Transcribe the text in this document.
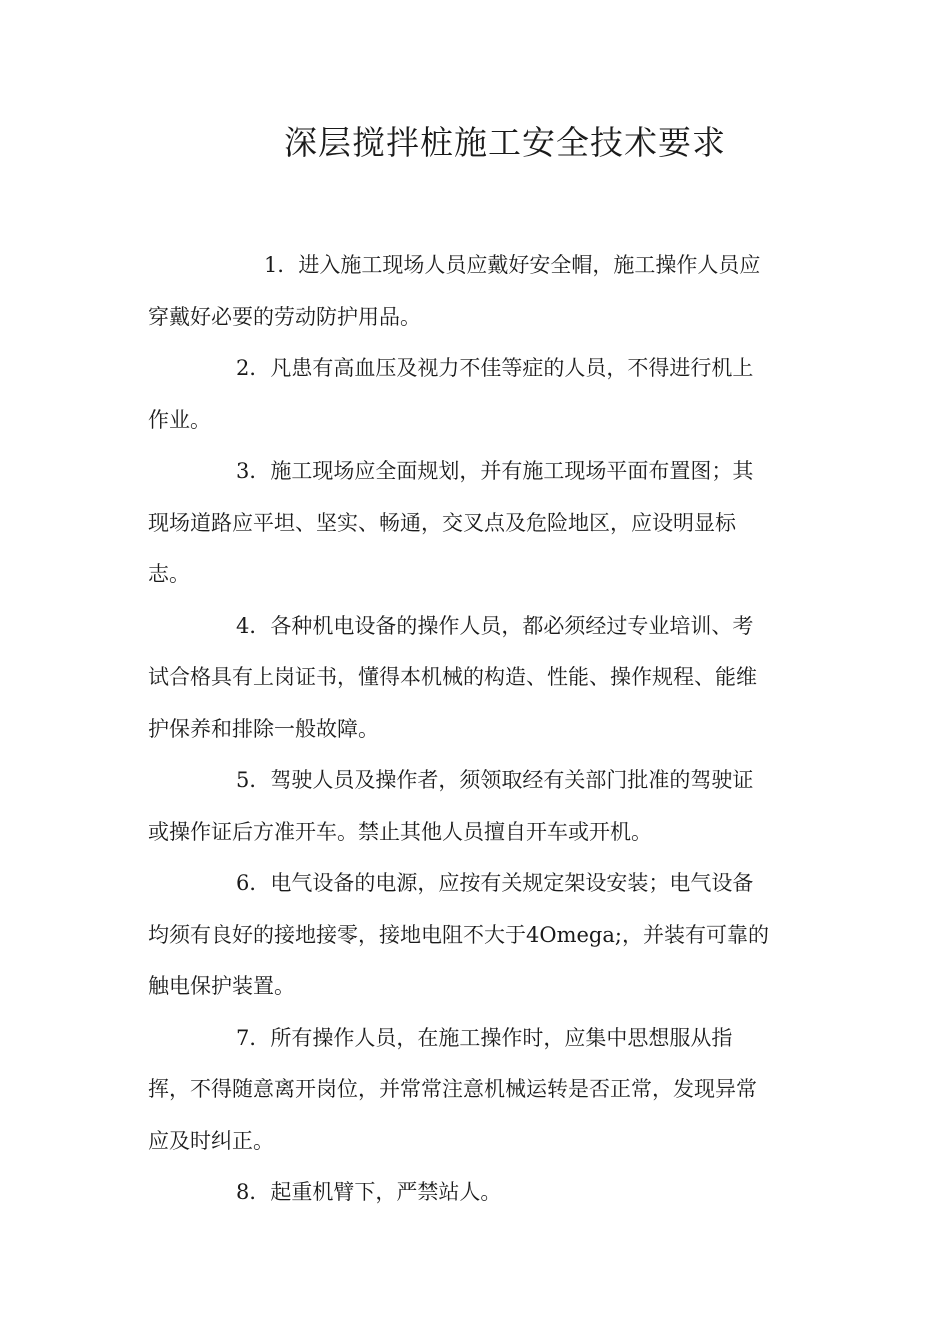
深层搅拌桩施工安全技术要求

1．进入施工现场人员应戴好安全帽，施工操作人员应
穿戴好必要的劳动防护用品。

2．凡患有高血压及视力不佳等症的人员，不得进行机上
作业。

3．施工现场应全面规划，并有施工现场平面布置图；其
现场道路应平坦、坚实、畅通，交叉点及危险地区，应设明显标
志。

4．各种机电设备的操作人员，都必须经过专业培训、考
试合格具有上岗证书，懂得本机械的构造、性能、操作规程、能维
护保养和排除一般故障。

5．驾驶人员及操作者，须领取经有关部门批准的驾驶证
或操作证后方准开车。禁止其他人员擅自开车或开机。

6．电气设备的电源，应按有关规定架设安装；电气设备
均须有良好的接地接零，接地电阻不大于4Omega;，并装有可靠的
触电保护装置。

7．所有操作人员，在施工操作时，应集中思想服从指
挥，不得随意离开岗位，并常常注意机械运转是否正常，发现异常
应及时纠正。

8．起重机臂下，严禁站人。
